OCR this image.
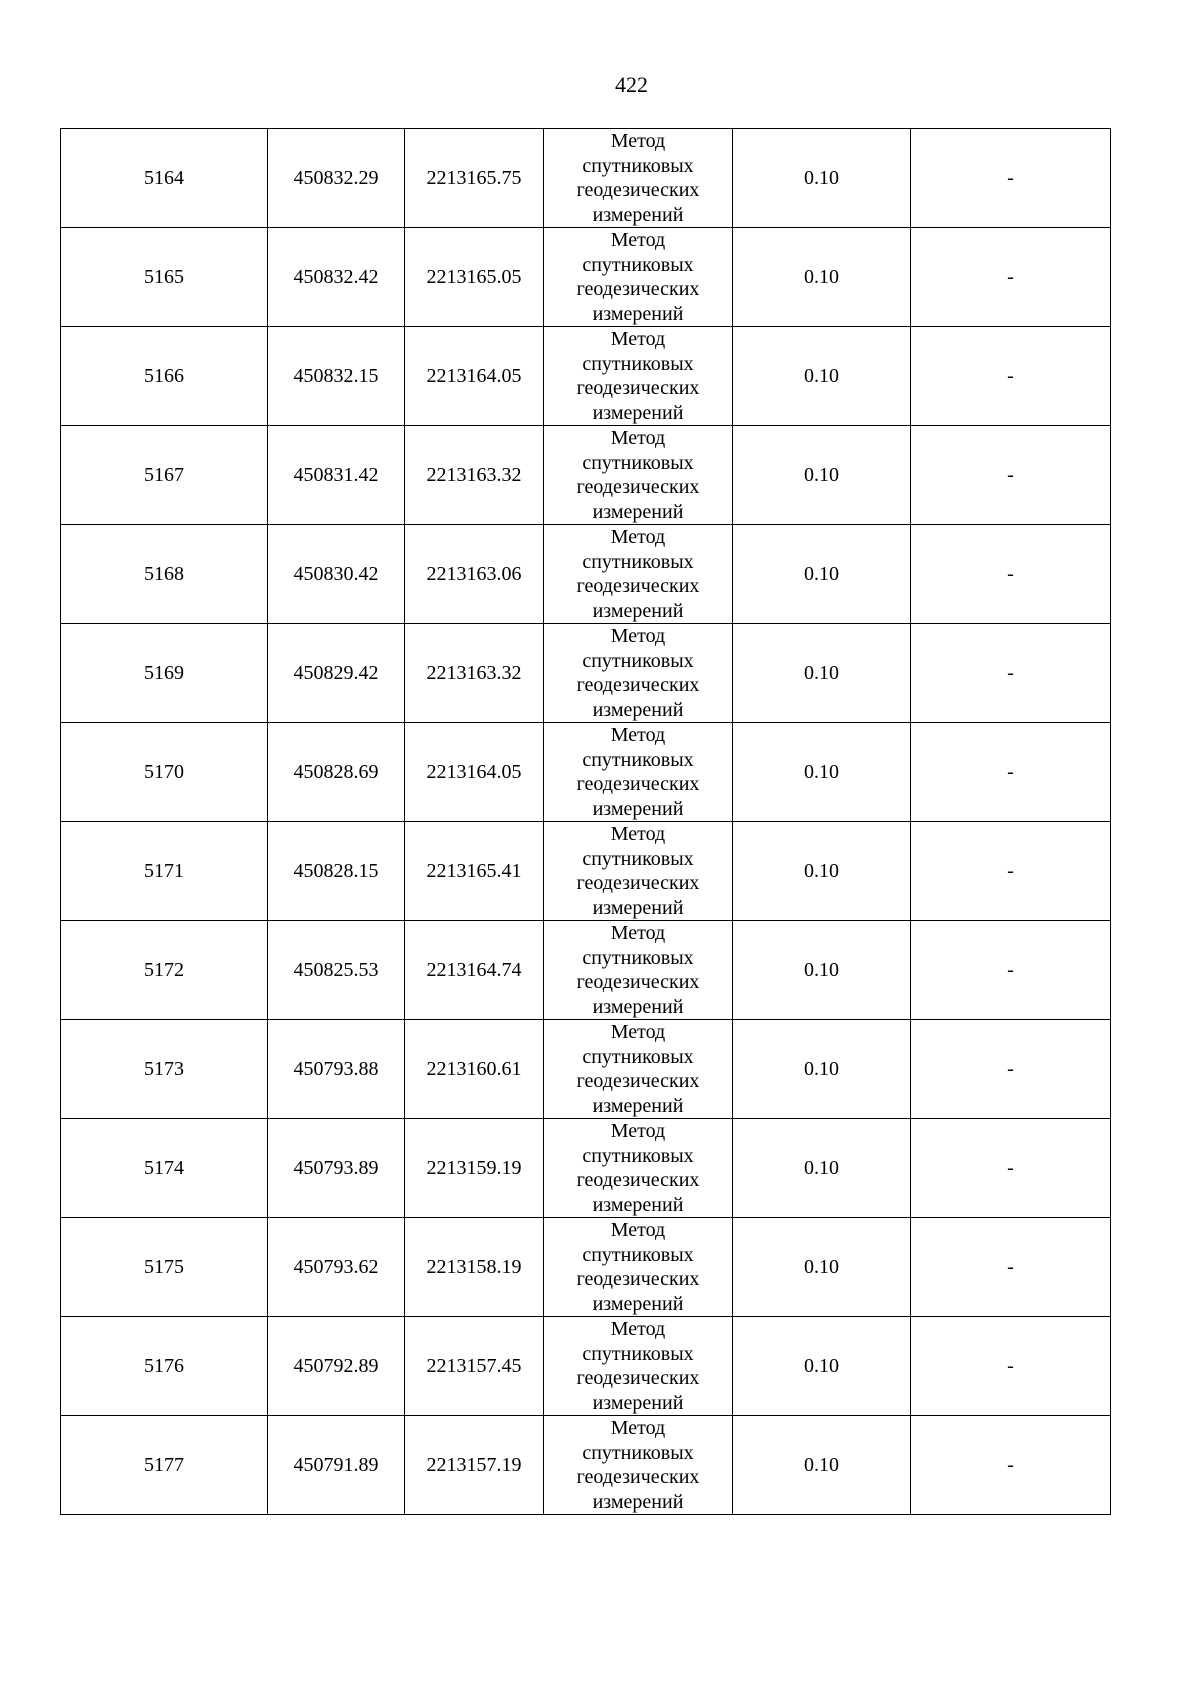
422
5164	450832.29	2213165.75	Метод
спутниковых
геодезических
измерений	0.10	-
5165	450832.42	2213165.05	Метод
спутниковых
геодезических
измерений	0.10	-
5166	450832.15	2213164.05	Метод
спутниковых
геодезических
измерений	0.10	-
5167	450831.42	2213163.32	Метод
спутниковых
геодезических
измерений	0.10	-
5168	450830.42	2213163.06	Метод
спутниковых
геодезических
измерений	0.10	-
5169	450829.42	2213163.32	Метод
спутниковых
геодезических
измерений	0.10	-
5170	450828.69	2213164.05	Метод
спутниковых
геодезических
измерений	0.10	-
5171	450828.15	2213165.41	Метод
спутниковых
геодезических
измерений	0.10	-
5172	450825.53	2213164.74	Метод
спутниковых
геодезических
измерений	0.10	-
5173	450793.88	2213160.61	Метод
спутниковых
геодезических
измерений	0.10	-
5174	450793.89	2213159.19	Метод
спутниковых
геодезических
измерений	0.10	-
5175	450793.62	2213158.19	Метод
спутниковых
геодезических
измерений	0.10	-
5176	450792.89	2213157.45	Метод
спутниковых
геодезических
измерений	0.10	-
5177	450791.89	2213157.19	Метод
спутниковых
геодезических
измерений	0.10	-
